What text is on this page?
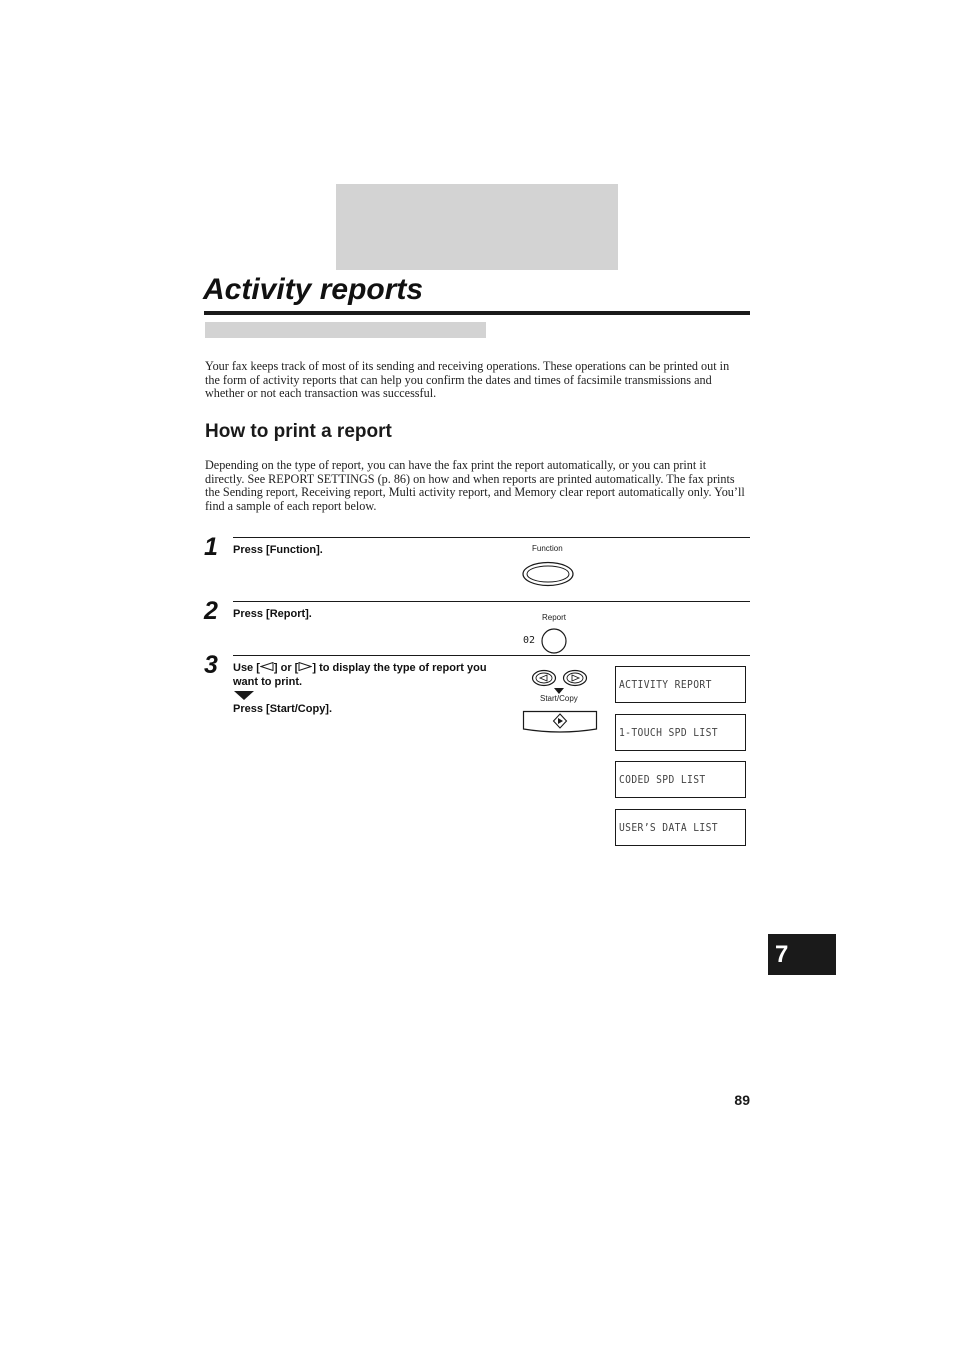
Activity reports

Your fax keeps track of most of its sending and receiving operations. These operations can be printed out in the form of activity reports that can help you confirm the dates and times of facsimile transmissions and whether or not each transaction was successful.

How to print a report

Depending on the type of report, you can have the fax print the report automatically, or you can print it directly. See REPORT SETTINGS (p. 86) on how and when reports are printed automatically. The fax prints the Sending report, Receiving report, Multi activity report, and Memory clear report automatically only. You’ll find a sample of each report below.

1 Press [Function].	Function
2 Press [Report].	Report
02
3 Use [ ] or [ ] to display the type of report you want to print.
Press [Start/Copy].
Start/Copy
ACTIVITY REPORT
1-TOUCH SPD LIST
CODED SPD LIST
USER’S DATA LIST
7
89
